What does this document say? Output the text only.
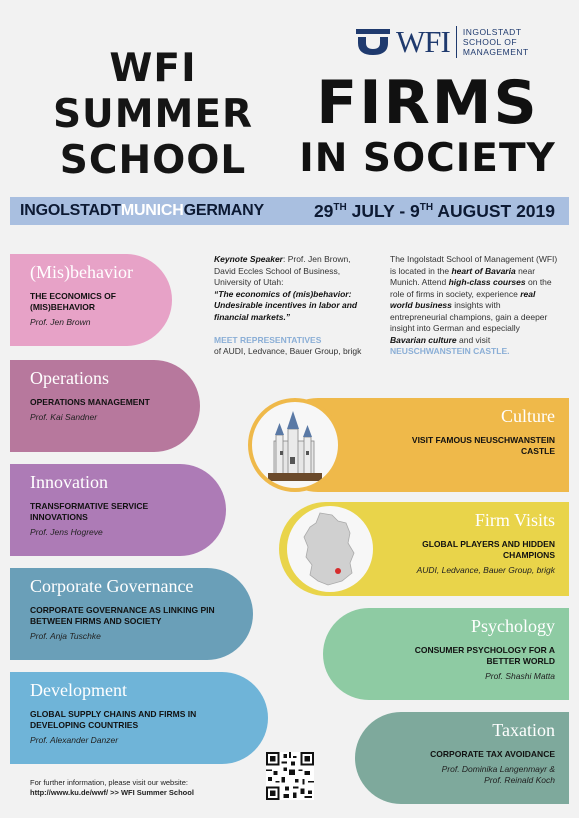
WFI INGOLSTADT
SCHOOL OF
MANAGEMENT
WFI
SUMMER
SCHOOL
FIRMS
IN SOCIETY
INGOLSTADTMUNICHGERMANY	29TH JULY - 9TH AUGUST 2019
(Mis)behavior
THE ECONOMICS OF (MIS)BEHAVIOR
Prof. Jen Brown
Operations
OPERATIONS MANAGEMENT
Prof. Kai Sandner
Innovation
TRANSFORMATIVE SERVICE INNOVATIONS
Prof. Jens Hogreve
Corporate Governance
CORPORATE GOVERNANCE AS LINKING PIN BETWEEN FIRMS AND SOCIETY
Prof. Anja Tuschke
Development
GLOBAL SUPPLY CHAINS AND FIRMS IN DEVELOPING COUNTRIES
Prof. Alexander Danzer
Keynote Speaker: Prof. Jen Brown, David Eccles School of Business, University of Utah:
“The economics of (mis)behavior: Undesirable incentives in labor and financial markets.”

MEET REPRESENTATIVES
of AUDI, Ledvance, Bauer Group, brigk
The Ingolstadt School of Management (WFI) is located in the heart of Bavaria near Munich. Attend high-class courses on the role of firms in society, experience real world business insights with entrepreneurial champions, gain a deeper insight into German and especially Bavarian culture and visit NEUSCHWANSTEIN CASTLE.
Culture
VISIT FAMOUS NEUSCHWANSTEIN CASTLE
Firm Visits
GLOBAL PLAYERS AND HIDDEN CHAMPIONS
AUDI, Ledvance, Bauer Group, brigk
Psychology
CONSUMER PSYCHOLOGY FOR A BETTER WORLD
Prof. Shashi Matta
Taxation
CORPORATE TAX AVOIDANCE
Prof. Dominika Langenmayr &
Prof. Reinald Koch
For further information, please visit our website:
http://www.ku.de/wwf/ >> WFI Summer School
